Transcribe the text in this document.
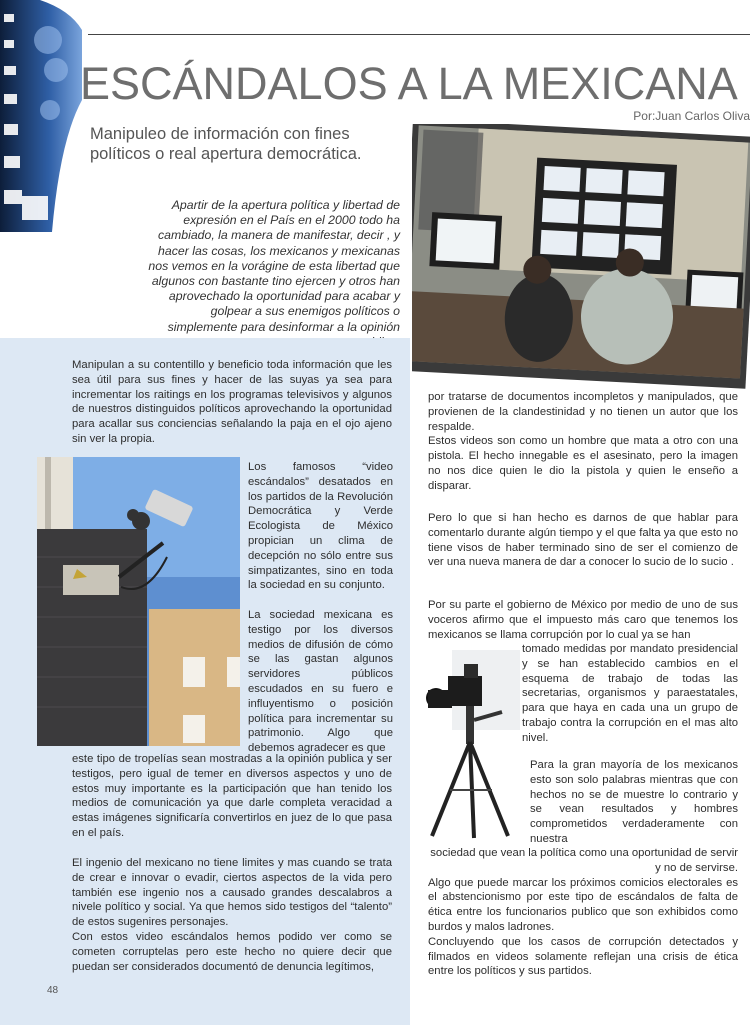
ESCÁNDALOS A LA MEXICANA
Por:Juan Carlos Oliva
Manipuleo de información con fines políticos o real apertura democrática.
Apartir de la apertura política y libertad de expresión en el País en el 2000 todo ha cambiado, la manera de manifestar, decir , y hacer las cosas, los mexicanos y mexicanas nos vemos en la vorágine de esta libertad que algunos con bastante tino ejercen y otros han aprovechado la oportunidad para acabar y golpear a sus enemigos políticos o simplemente para desinformar a la opinión

Manipulan a su contentillo y beneficio toda información que les sea útil para sus fines y hacer de las suyas ya sea para incrementar los raitings en los programas televisivos y algunos de nuestros distinguidos políticos aprovechando la oportunidad para acallar sus conciencias señalando la paja en el ojo ajeno sin ver la propia.

Los famosos “video escándalos” desatados en los partidos de la Revolución Democrática y Verde Ecologista de México propician un clima de decepción no sólo entre sus simpatizantes, sino en toda la sociedad en su conjunto.

La sociedad mexicana es testigo por los diversos medios de difusión de cómo se las gastan algunos servidores públicos escudados en su fuero e influyentismo o posición política para incrementar su patrimonio. Algo que debemos agradecer es que

este tipo de tropelías sean mostradas a la opinión publica y ser testigos, pero igual de temer en diversos aspectos y uno de estos muy importante es la participación que han tenido los medios de comunicación ya que darle completa veracidad a estas imágenes significaría convertirlos en juez de lo que pasa en el país.

El ingenio del mexicano no tiene limites y mas cuando se trata de crear e innovar o evadir, ciertos aspectos de la vida pero también ese ingenio nos a causado grandes descalabros a nivele político y social. Ya que hemos sido testigos del “talento” de estos sugenires personajes.

Con estos video escándalos hemos podido ver como se cometen corruptelas pero este hecho no quiere decir que puedan ser considerados documentó de denuncia legítimos,

por tratarse de documentos incompletos y manipulados, que provienen de la clandestinidad y no tienen un autor que los respalde.

Estos videos son como un hombre que mata a otro con una pistola. El hecho innegable es el asesinato, pero la imagen no nos dice quien le dio la pistola y quien le enseño a disparar.

Pero lo que si han hecho es darnos de que hablar para comentarlo durante algún tiempo y el que falta ya que esto no tiene visos de haber terminado sino de ser el comienzo de ver una nueva manera de dar a conocer lo sucio de lo sucio .

Por su parte el gobierno de México por medio de uno de sus voceros afirmo que el impuesto más caro que tenemos los mexicanos se llama corrupción por lo cual ya se han

tomado medidas por mandato presidencial y se han establecido cambios en el esquema de trabajo de todas las secretarias, organismos y paraestatales, para que haya en cada una un grupo de trabajo contra la corrupción en el mas alto nivel.

Para la gran mayoría de los mexicanos esto son solo palabras mientras que con hechos no se de muestre lo contrario y se vean resultados y hombres comprometidos verdaderamente con nuestra

sociedad que vean la política como una oportunidad de servir y no de servirse.

Algo que puede marcar los próximos comicios electorales es el abstencionismo por este tipo de escándalos de falta de ética entre los funcionarios publico que son exhibidos como burdos y malos ladrones.

Concluyendo que los casos de corrupción detectados y filmados en videos solamente reflejan una crisis de ética entre los políticos y sus partidos.

48
